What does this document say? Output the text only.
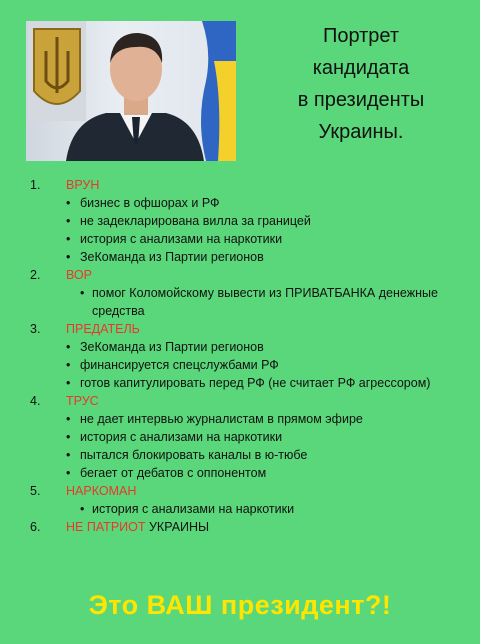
Портрет
кандидата
в президенты
Украины.
1.	ВРУН
• бизнес в офшорах и РФ
• не задекларирована вилла за границей
• история с анализами на наркотики
• ЗеКоманда из Партии регионов
2.	ВОР
• помог Коломойскому вывести из ПРИВАТБАНКА денежные средства
3.	ПРЕДАТЕЛЬ
• ЗеКоманда из Партии регионов
• финансируется спецслужбами РФ
• готов капитулировать перед РФ (не считает РФ агрессором)
4.	ТРУС
• не дает интервью журналистам в прямом эфире
• история с анализами на наркотики
• пытался блокировать каналы в ю-тюбе
• бегает от дебатов с оппонентом
5.	НАРКОМАН
• история с анализами на наркотики
6.	НЕ ПАТРИОТ УКРАИНЫ
Это ВАШ президент?!
